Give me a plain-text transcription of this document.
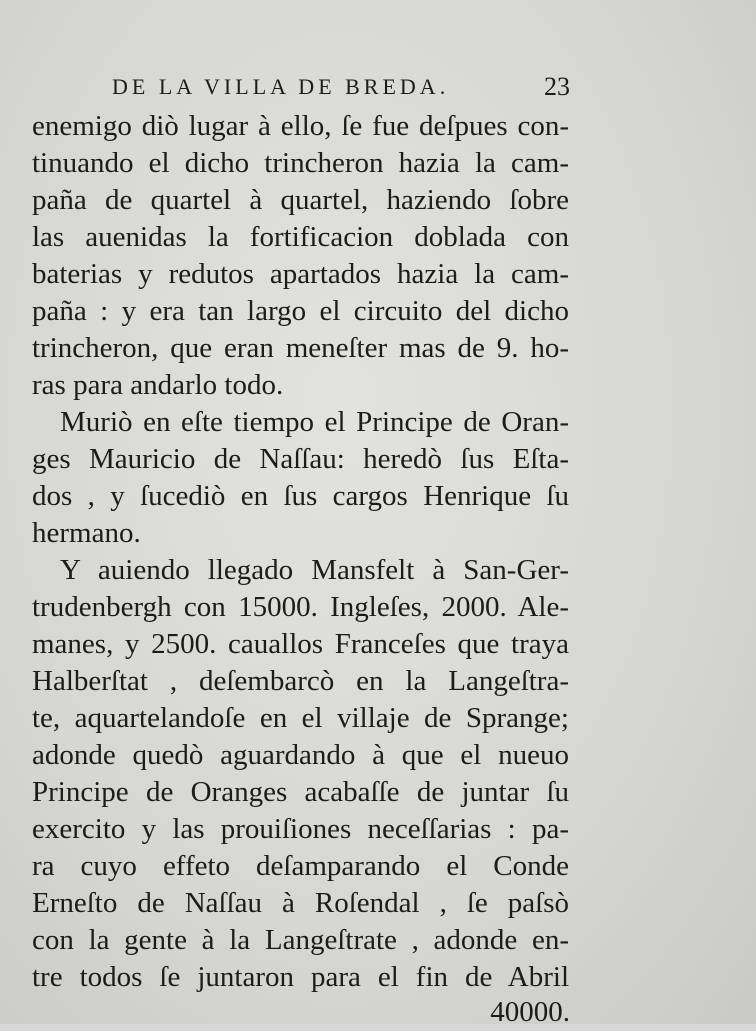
DE LA VILLA DE BREDA.	23
enemigo diò lugar à ello, ſe fue deſpues con-
tinuando el dicho trincheron hazia la cam-
paña de quartel à quartel, haziendo ſobre
las auenidas la fortificacion doblada con
baterias y redutos apartados hazia la cam-
paña : y era tan largo el circuito del dicho
trincheron, que eran meneſter mas de 9. ho-
ras para andarlo todo.
Muriò en eſte tiempo el Principe de Oran-
ges Mauricio de Naſſau: heredò ſus Eſta-
dos , y ſucediò en ſus cargos Henrique ſu
hermano.
Y auiendo llegado Mansfelt à San-Ger-
trudenbergh con 15000. Ingleſes, 2000. Ale-
manes, y 2500. cauallos Franceſes que traya
Halberſtat , deſembarcò en la Langeſtra-
te, aquartelandoſe en el villaje de Sprange;
adonde quedò aguardando à que el nueuo
Principe de Oranges acabaſſe de juntar ſu
exercito y las prouiſiones neceſſarias : pa-
ra cuyo effeto deſamparando el Conde
Erneſto de Naſſau à Roſendal , ſe paſsò
con la gente à la Langeſtrate , adonde en-
tre todos ſe juntaron para el fin de Abril
40000.
